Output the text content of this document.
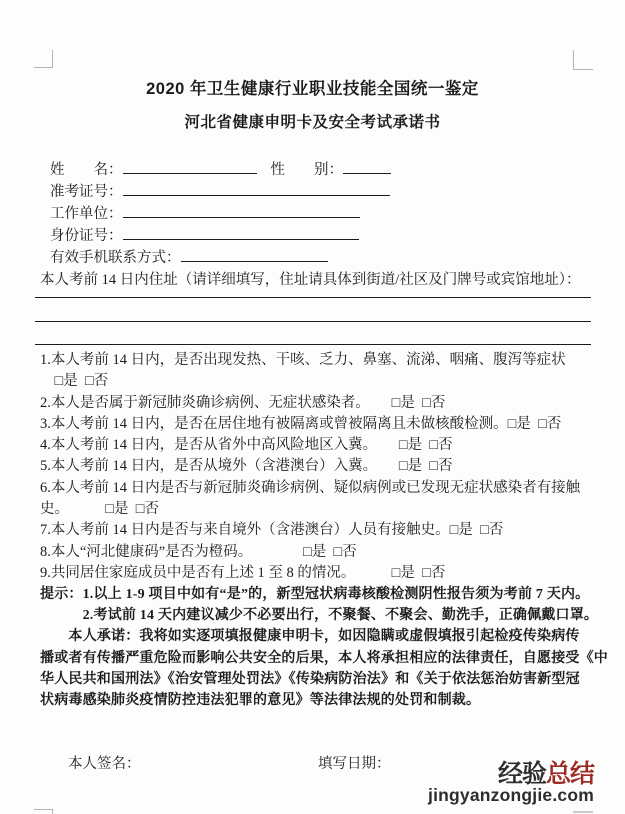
2020 年卫生健康行业职业技能全国统一鉴定
河北省健康申明卡及安全考试承诺书
姓　　名：	性　　别：
准考证号：
工作单位：
身份证号：
有效手机联系方式：
本人考前 14 日内住址（请详细填写，住址请具体到街道/社区及门牌号或宾馆地址）：
1.本人考前 14 日内，是否出现发热、干咳、乏力、鼻塞、流涕、咽痛、腹泻等症状
　□是 □否
2.本人是否属于新冠肺炎确诊病例、无症状感染者。　　□是 □否
3.本人考前 14 日内，是否在居住地有被隔离或曾被隔离且未做核酸检测。□是 □否
4.本人考前 14 日内，是否从省外中高风险地区入冀。　　□是 □否
5.本人考前 14 日内，是否从境外（含港澳台）入冀。　　□是 □否
6.本人考前 14 日内是否与新冠肺炎确诊病例、疑似病例或已发现无症状感染者有接触
史。　　　□是 □否
7.本人考前 14 日内是否与来自境外（含港澳台）人员有接触史。□是 □否
8.本人“河北健康码”是否为橙码。　　　　□是 □否
9.共同居住家庭成员中是否有上述 1 至 8 的情况。　　　□是 □否
提示：1.以上 1-9 项目中如有“是”的，新型冠状病毒核酸检测阴性报告须为考前 7 天内。
　　　2.考试前 14 天内建议减少不必要出行，不聚餐、不聚会、勤洗手，正确佩戴口罩。
　　本人承诺：我将如实逐项填报健康申明卡，如因隐瞒或虚假填报引起检疫传染病传
播或者有传播严重危险而影响公共安全的后果，本人将承担相应的法律责任，自愿接受《中
华人民共和国刑法》《治安管理处罚法》《传染病防治法》和《关于依法惩治妨害新型冠
状病毒感染肺炎疫情防控违法犯罪的意见》等法律法规的处罚和制裁。
本人签名：	填写日期：	经验总结
jingyanzongjie.com
